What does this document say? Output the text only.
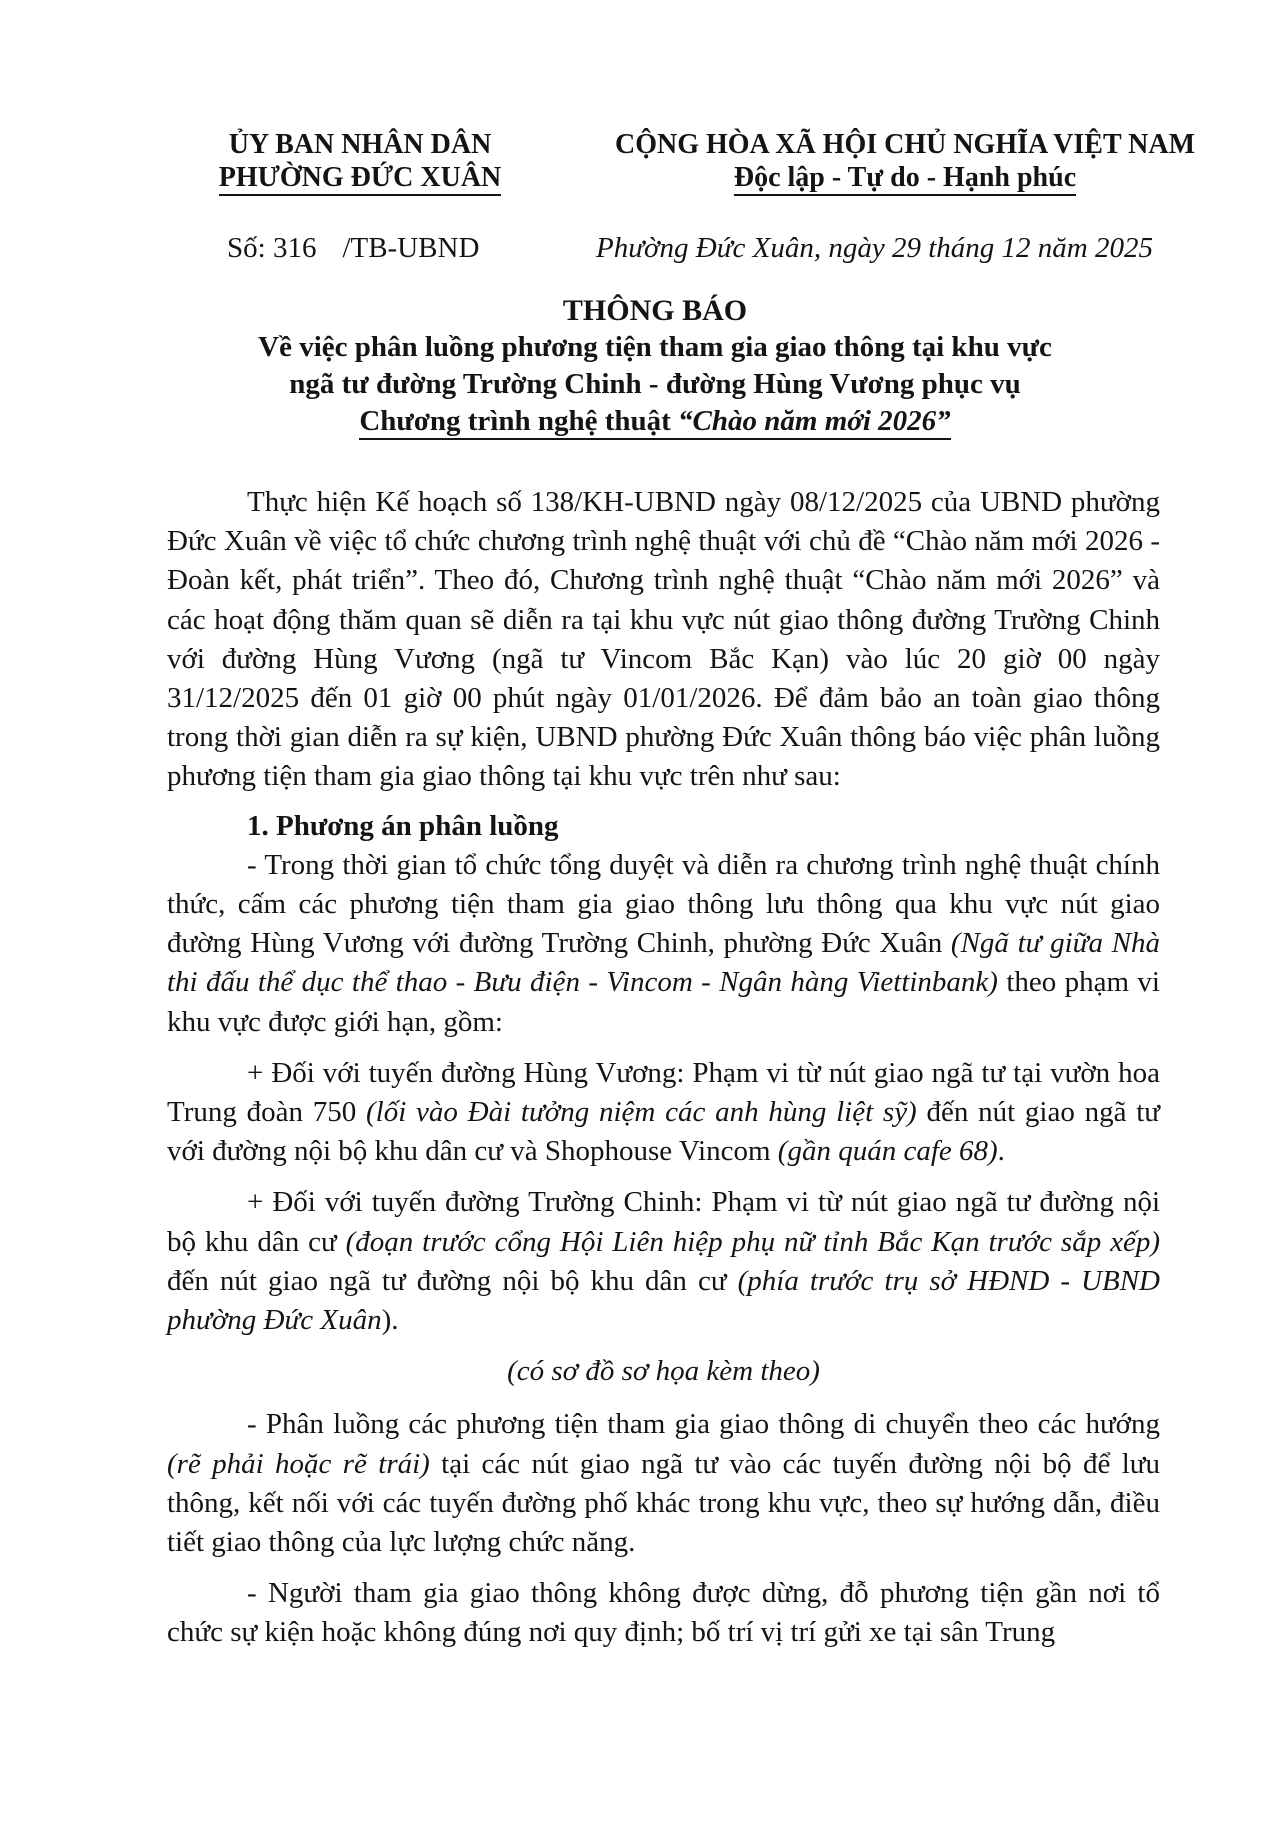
ỦY BAN NHÂN DÂN
PHƯỜNG ĐỨC XUÂN
CỘNG HÒA XÃ HỘI CHỦ NGHĨA VIỆT NAM
Độc lập - Tự do - Hạnh phúc
Số: 316 /TB-UBND	Phường Đức Xuân, ngày 29 tháng 12 năm 2025
THÔNG BÁO
Về việc phân luồng phương tiện tham gia giao thông tại khu vực
ngã tư đường Trường Chinh - đường Hùng Vương phục vụ
Chương trình nghệ thuật “Chào năm mới 2026”

Thực hiện Kế hoạch số 138/KH-UBND ngày 08/12/2025 của UBND phường Đức Xuân về việc tổ chức chương trình nghệ thuật với chủ đề “Chào năm mới 2026 - Đoàn kết, phát triển”. Theo đó, Chương trình nghệ thuật “Chào năm mới 2026” và các hoạt động thăm quan sẽ diễn ra tại khu vực nút giao thông đường Trường Chinh với đường Hùng Vương (ngã tư Vincom Bắc Kạn) vào lúc 20 giờ 00 ngày 31/12/2025 đến 01 giờ 00 phút ngày 01/01/2026. Để đảm bảo an toàn giao thông trong thời gian diễn ra sự kiện, UBND phường Đức Xuân thông báo việc phân luồng phương tiện tham gia giao thông tại khu vực trên như sau:

1. Phương án phân luồng

- Trong thời gian tổ chức tổng duyệt và diễn ra chương trình nghệ thuật chính thức, cấm các phương tiện tham gia giao thông lưu thông qua khu vực nút giao đường Hùng Vương với đường Trường Chinh, phường Đức Xuân (Ngã tư giữa Nhà thi đấu thể dục thể thao - Bưu điện - Vincom - Ngân hàng Viettinbank) theo phạm vi khu vực được giới hạn, gồm:

+ Đối với tuyến đường Hùng Vương: Phạm vi từ nút giao ngã tư tại vườn hoa Trung đoàn 750 (lối vào Đài tưởng niệm các anh hùng liệt sỹ) đến nút giao ngã tư với đường nội bộ khu dân cư và Shophouse Vincom (gần quán cafe 68).

+ Đối với tuyến đường Trường Chinh: Phạm vi từ nút giao ngã tư đường nội bộ khu dân cư (đoạn trước cổng Hội Liên hiệp phụ nữ tỉnh Bắc Kạn trước sắp xếp) đến nút giao ngã tư đường nội bộ khu dân cư (phía trước trụ sở HĐND - UBND phường Đức Xuân).

(có sơ đồ sơ họa kèm theo)

- Phân luồng các phương tiện tham gia giao thông di chuyển theo các hướng (rẽ phải hoặc rẽ trái) tại các nút giao ngã tư vào các tuyến đường nội bộ để lưu thông, kết nối với các tuyến đường phố khác trong khu vực, theo sự hướng dẫn, điều tiết giao thông của lực lượng chức năng.

- Người tham gia giao thông không được dừng, đỗ phương tiện gần nơi tổ chức sự kiện hoặc không đúng nơi quy định; bố trí vị trí gửi xe tại sân Trung
